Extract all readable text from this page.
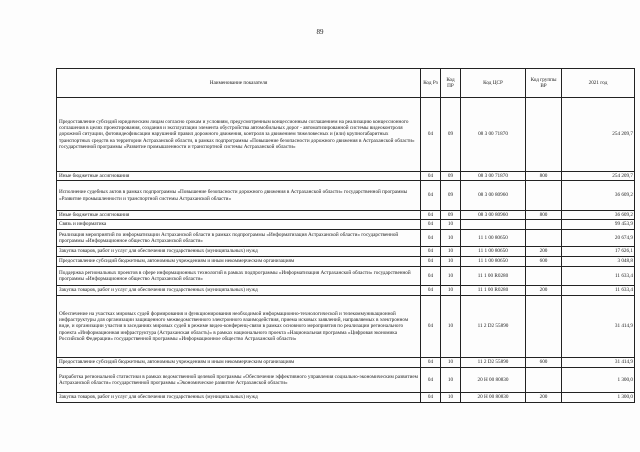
89
Наименование показателя	Код Рз	Код ПР	Код ЦСР	Код группы ВР	2021 год
Предоставление субсидий юридическим лицам согласно срокам и условиям, предусмотренным концессионным соглашением на реализацию концессионного соглашения в целях проектирования, создания и эксплуатации элемента обустройства автомобильных дорог - автоматизированной системы видеоконтроля дорожной ситуации, фотовидеофиксации нарушений правил дорожного движения, контроля за движением тяжеловесных и (или) крупногабаритных транспортных средств на территории Астраханской области, в рамках подпрограммы «Повышение безопасности дорожного движения в Астраханской области» государственной программы «Развитие промышленности и транспортной системы Астраханской области»	04	09	08 3 00 71870		254 209,7
Иные бюджетные ассигнования	04	09	08 3 00 71870	800	254 209,7
Исполнение судебных актов в рамках подпрограммы «Повышение безопасности дорожного движения в Астраханской области» государственной программы «Развитие промышленности и транспортной системы Астраханской области»	04	09	08 3 00 80960		36 609,2
Иные бюджетные ассигнования	04	09	08 3 00 80960	800	36 609,2
Связь и информатика	04	10			99 453,9
Реализация мероприятий по информатизации Астраханской области в рамках подпрограммы «Информатизация Астраханской области» государственной программы «Информационное общество Астраханской области»	04	10	11 1 00 80650		20 674,9
Закупка товаров, работ и услуг для обеспечения государственных (муниципальных) нужд	04	10	11 1 00 80650	200	17 626,1
Предоставление субсидий бюджетным, автономным учреждениям и иным некоммерческим организациям	04	10	11 1 00 80650	600	3 048,8
Поддержка региональных проектов в сфере информационных технологий в рамках подпрограммы «Информатизация Астраханской области» государственной программы «Информационное общество Астраханской области»	04	10	11 1 00 R0280		11 633,4
Закупка товаров, работ и услуг для обеспечения государственных (муниципальных) нужд	04	10	11 1 00 R0280	200	11 633,4
Обеспечение на участках мировых судей формирования и функционирования необходимой информационно-технологической и телекоммуникационной инфраструктуры для организации защищенного межведомственного электронного взаимодействия, приема исковых заявлений, направляемых в электронном виде, и организации участия в заседаниях мировых судей в режиме видео-конференц-связи в рамках основного мероприятия по реализации регионального проекта «Информационная инфраструктура (Астраханская область)» в рамках национального проекта «Национальная программа «Цифровая экономика Российской Федерации» государственной программы «Информационное общество Астраханской области»	04	10	11 2 D2 55890		31 414,9
Предоставление субсидий бюджетным, автономным учреждениям и иным некоммерческим организациям	04	10	11 2 D2 55890	600	31 414,9
Разработка региональной статистики в рамках ведомственной целевой программы «Обеспечение эффективного управления социально-экономическим развитием Астраханской области» государственной программы «Экономическое развитие Астраханской области»	04	10	20 Н 00 80830		1 300,0
Закупка товаров, работ и услуг для обеспечения государственных (муниципальных) нужд	04	10	20 Н 00 80830	200	1 300,0
